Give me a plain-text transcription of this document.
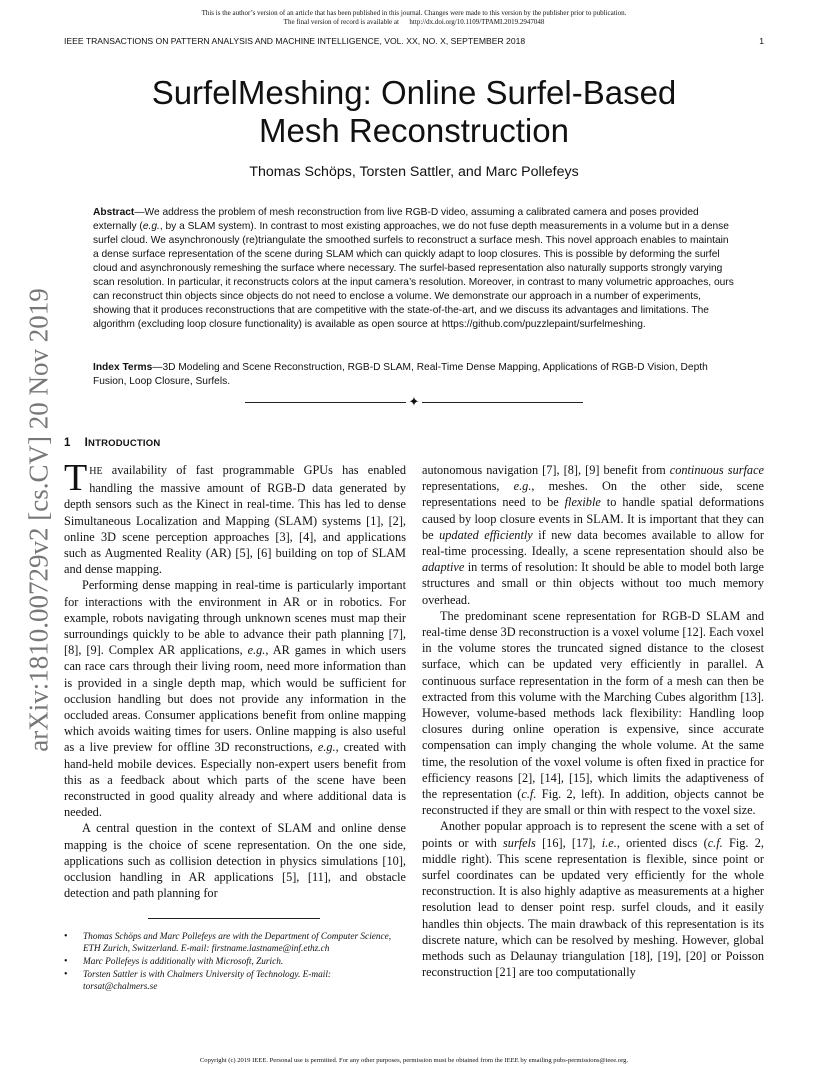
This is the author’s version of an article that has been published in this journal. Changes were made to this version by the publisher prior to publication.
The final version of record is available at      http://dx.doi.org/10.1109/TPAMI.2019.2947048
IEEE TRANSACTIONS ON PATTERN ANALYSIS AND MACHINE INTELLIGENCE, VOL. XX, NO. X, SEPTEMBER 2018	1
SurfelMeshing: Online Surfel-Based
Mesh Reconstruction
Thomas Schöps, Torsten Sattler, and Marc Pollefeys

Abstract—We address the problem of mesh reconstruction from live RGB-D video, assuming a calibrated camera and poses provided externally (e.g., by a SLAM system). In contrast to most existing approaches, we do not fuse depth measurements in a volume but in a dense surfel cloud. We asynchronously (re)triangulate the smoothed surfels to reconstruct a surface mesh. This novel approach enables to maintain a dense surface representation of the scene during SLAM which can quickly adapt to loop closures. This is possible by deforming the surfel cloud and asynchronously remeshing the surface where necessary. The surfel-based representation also naturally supports strongly varying scan resolution. In particular, it reconstructs colors at the input camera’s resolution. Moreover, in contrast to many volumetric approaches, ours can reconstruct thin objects since objects do not need to enclose a volume. We demonstrate our approach in a number of experiments, showing that it produces reconstructions that are competitive with the state-of-the-art, and we discuss its advantages and limitations. The algorithm (excluding loop closure functionality) is available as open source at https://github.com/puzzlepaint/surfelmeshing.

Index Terms—3D Modeling and Scene Reconstruction, RGB-D SLAM, Real-Time Dense Mapping, Applications of RGB-D Vision, Depth Fusion, Loop Closure, Surfels.

✦
arXiv:1810.00729v2 [cs.CV] 20 Nov 2019 1 INTRODUCTION

THE availability of fast programmable GPUs has enabled handling the massive amount of RGB-D data generated by depth sensors such as the Kinect in real-time. This has led to dense Simultaneous Localization and Mapping (SLAM) systems [1], [2], online 3D scene perception approaches [3], [4], and applications such as Augmented Reality (AR) [5], [6] building on top of SLAM and dense mapping.

Performing dense mapping in real-time is particularly important for interactions with the environment in AR or in robotics. For example, robots navigating through unknown scenes must map their surroundings quickly to be able to advance their path planning [7], [8], [9]. Complex AR applications, e.g., AR games in which users can race cars through their living room, need more information than is provided in a single depth map, which would be sufficient for occlusion handling but does not provide any information in the occluded areas. Consumer applications benefit from online mapping which avoids waiting times for users. Online mapping is also useful as a live preview for offline 3D reconstructions, e.g., created with hand-held mobile devices. Especially non-expert users benefit from this as a feedback about which parts of the scene have been reconstructed in good quality already and where additional data is needed.

A central question in the context of SLAM and online dense mapping is the choice of scene representation. On the one side, applications such as collision detection in physics simulations [10], occlusion handling in AR applications [5], [11], and obstacle detection and path planning for

autonomous navigation [7], [8], [9] benefit from continuous surface representations, e.g., meshes. On the other side, scene representations need to be flexible to handle spatial deformations caused by loop closure events in SLAM. It is important that they can be updated efficiently if new data becomes available to allow for real-time processing. Ideally, a scene representation should also be adaptive in terms of resolution: It should be able to model both large structures and small or thin objects without too much memory overhead.

The predominant scene representation for RGB-D SLAM and real-time dense 3D reconstruction is a voxel volume [12]. Each voxel in the volume stores the truncated signed distance to the closest surface, which can be updated very efficiently in parallel. A continuous surface representation in the form of a mesh can then be extracted from this volume with the Marching Cubes algorithm [13]. However, volume-based methods lack flexibility: Handling loop closures during online operation is expensive, since accurate compensation can imply changing the whole volume. At the same time, the resolution of the voxel volume is often fixed in practice for efficiency reasons [2], [14], [15], which limits the adaptiveness of the representation (c.f. Fig. 2, left). In addition, objects cannot be reconstructed if they are small or thin with respect to the voxel size.

Another popular approach is to represent the scene with a set of points or with surfels [16], [17], i.e., oriented discs (c.f. Fig. 2, middle right). This scene representation is flexible, since point or surfel coordinates can be updated very efficiently for the whole reconstruction. It is also highly adaptive as measurements at a higher resolution lead to denser point resp. surfel clouds, and it easily handles thin objects. The main drawback of this representation is its discrete nature, which can be resolved by meshing. However, global methods such as Delaunay triangulation [18], [19], [20] or Poisson reconstruction [21] are too computationally

• Thomas Schöps and Marc Pollefeys are with the Department of Computer Science, ETH Zurich, Switzerland. E-mail: firstname.lastname@inf.ethz.ch
• Marc Pollefeys is additionally with Microsoft, Zurich.
• Torsten Sattler is with Chalmers University of Technology. E-mail: torsat@chalmers.se
Copyright (c) 2019 IEEE. Personal use is permitted. For any other purposes, permission must be obtained from the IEEE by emailing pubs-permissions@ieee.org.
